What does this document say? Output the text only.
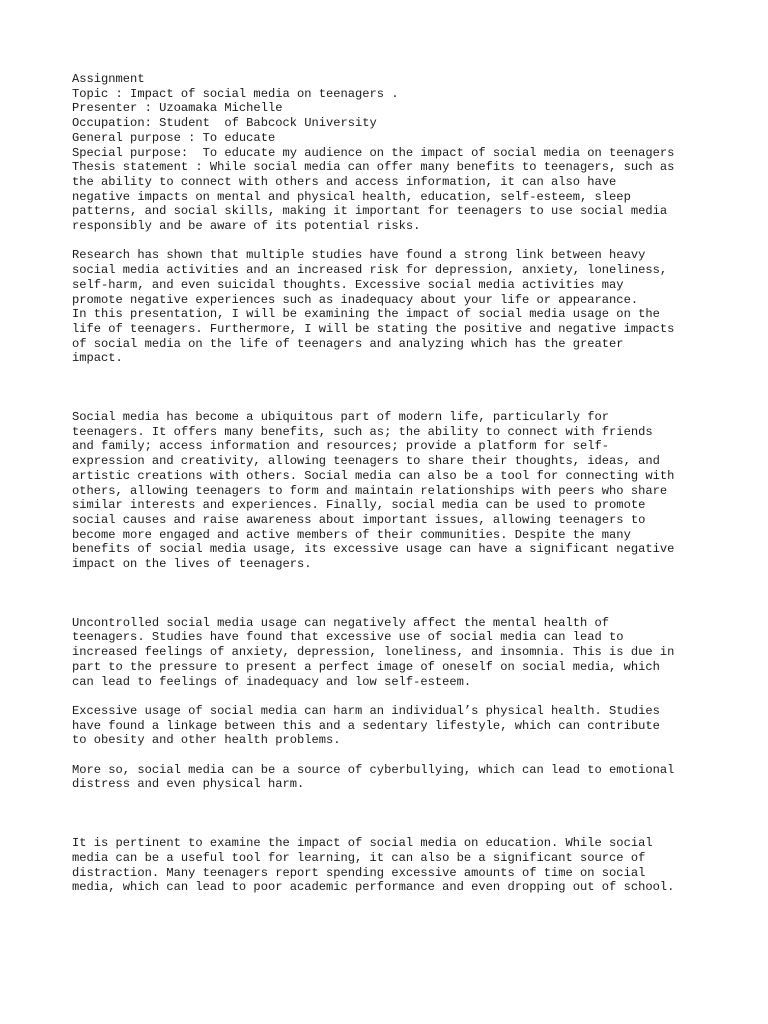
Assignment
Topic : Impact of social media on teenagers .
Presenter : Uzoamaka Michelle
Occupation: Student  of Babcock University
General purpose : To educate
Special purpose:  To educate my audience on the impact of social media on teenagers

Thesis statement : While social media can offer many benefits to teenagers, such as
the ability to connect with others and access information, it can also have
negative impacts on mental and physical health, education, self-esteem, sleep
patterns, and social skills, making it important for teenagers to use social media
responsibly and be aware of its potential risks.

Research has shown that multiple studies have found a strong link between heavy
social media activities and an increased risk for depression, anxiety, loneliness,
self-harm, and even suicidal thoughts. Excessive social media activities may
promote negative experiences such as inadequacy about your life or appearance.
In this presentation, I will be examining the impact of social media usage on the
life of teenagers. Furthermore, I will be stating the positive and negative impacts
of social media on the life of teenagers and analyzing which has the greater
impact.

Social media has become a ubiquitous part of modern life, particularly for
teenagers. It offers many benefits, such as; the ability to connect with friends
and family; access information and resources; provide a platform for self-
expression and creativity, allowing teenagers to share their thoughts, ideas, and
artistic creations with others. Social media can also be a tool for connecting with
others, allowing teenagers to form and maintain relationships with peers who share
similar interests and experiences. Finally, social media can be used to promote
social causes and raise awareness about important issues, allowing teenagers to
become more engaged and active members of their communities. Despite the many
benefits of social media usage, its excessive usage can have a significant negative
impact on the lives of teenagers.

Uncontrolled social media usage can negatively affect the mental health of
teenagers. Studies have found that excessive use of social media can lead to
increased feelings of anxiety, depression, loneliness, and insomnia. This is due in
part to the pressure to present a perfect image of oneself on social media, which
can lead to feelings of inadequacy and low self-esteem.

Excessive usage of social media can harm an individual’s physical health. Studies
have found a linkage between this and a sedentary lifestyle, which can contribute
to obesity and other health problems.

More so, social media can be a source of cyberbullying, which can lead to emotional
distress and even physical harm.

It is pertinent to examine the impact of social media on education. While social
media can be a useful tool for learning, it can also be a significant source of
distraction. Many teenagers report spending excessive amounts of time on social
media, which can lead to poor academic performance and even dropping out of school.
